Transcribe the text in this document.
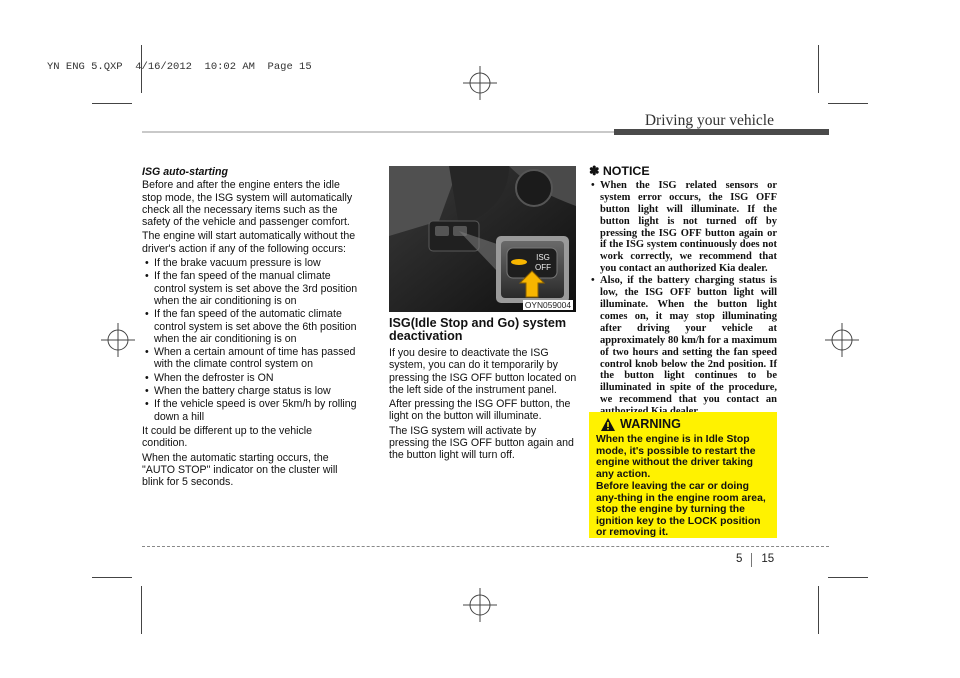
YN ENG 5.QXP  4/16/2012  10:02 AM  Page 15
Driving your vehicle
ISG auto-starting

Before and after the engine enters the idle stop mode, the ISG system will automatically check all the necessary items such as the safety of the vehicle and passenger comfort.

The engine will start automatically without the driver's action if any of the following occurs:

• If the brake vacuum pressure is low
• If the fan speed of the manual climate control system is set above the 3rd position when the air conditioning is on
• If the fan speed of the automatic climate control system is set above the 6th position when the air conditioning is on
• When a certain amount of time has passed with the climate control system on
• When the defroster is ON
• When the battery charge status is low
• If the vehicle speed is over 5km/h by rolling down a hill

It could be different up to the vehicle condition.

When the automatic starting occurs, the "AUTO STOP" indicator on the cluster will blink for 5 seconds.

ISG
OFF
OYN059004
ISG(Idle Stop and Go) system deactivation

If you desire to deactivate the ISG system, you can do it temporarily by pressing the ISG OFF button located on the left side of the instrument panel.

After pressing the ISG OFF button, the light on the button will illuminate.

The ISG system will activate by pressing the ISG OFF button again and the button light will turn off.

✽ NOTICE
• When the ISG related sensors or system error occurs, the ISG OFF button light will illuminate. If the button light is not turned off by pressing the ISG OFF button again or if the ISG system continuously does not work correctly, we recommend that you contact an authorized Kia dealer.
• Also, if the battery charging status is low, the ISG OFF button light will illuminate. When the button light comes on, it may stop illuminating after driving your vehicle at approximately 80 km/h for a maximum of two hours and setting the fan speed control knob below the 2nd position. If the button light continues to be illuminated in spite of the procedure, we recommend that you contact an
WARNING

When the engine is in Idle Stop mode, it's possible to restart the engine without the driver taking any action.

Before leaving the car or doing any-thing in the engine room area, stop the engine by turning the ignition key to the LOCK position or removing it.

5 15
